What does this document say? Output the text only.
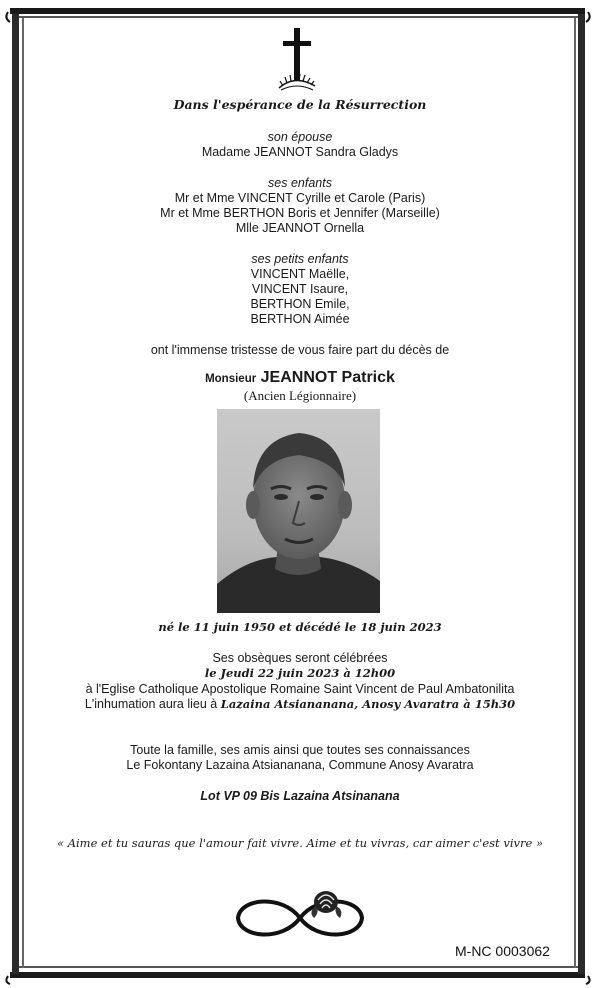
Dans l'espérance de la Résurrection
son épouse
Madame JEANNOT Sandra Gladys
ses enfants
Mr et Mme VINCENT Cyrille et Carole (Paris)
Mr et Mme BERTHON Boris et Jennifer (Marseille)
Mlle JEANNOT Ornella
ses petits enfants
VINCENT Maëlle,
VINCENT Isaure,
BERTHON Emile,
BERTHON Aimée
ont l'immense tristesse de vous faire part du décès de
Monsieur JEANNOT Patrick
(Ancien Légionnaire)
né le 11 juin 1950 et décédé le 18 juin 2023
Ses obsèques seront célébrées
le Jeudi 22 juin 2023 à 12h00
à l'Eglise Catholique Apostolique Romaine Saint Vincent de Paul Ambatonilita
L'inhumation aura lieu à Lazaina Atsiananana, Anosy Avaratra à 15h30
Toute la famille, ses amis ainsi que toutes ses connaissances
Le Fokontany Lazaina Atsiananana, Commune Anosy Avaratra
Lot VP 09 Bis Lazaina Atsinanana
« Aime et tu sauras que l'amour fait vivre. Aime et tu vivras, car aimer c'est vivre »
M-NC 0003062
